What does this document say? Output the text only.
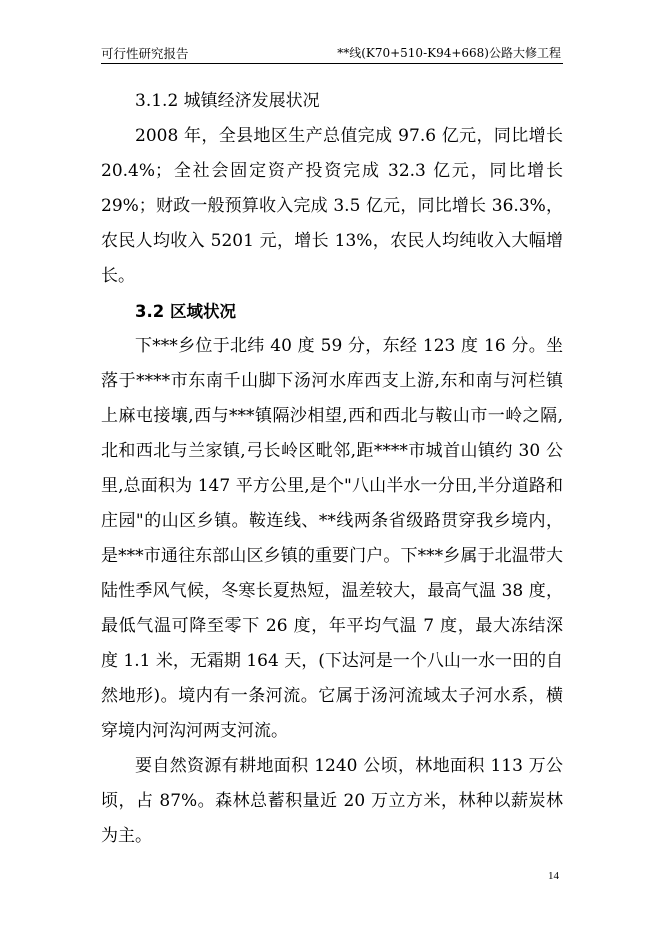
可行性研究报告	**线(K70+510-K94+668)公路大修工程
3.1.2 城镇经济发展状况

2008 年，全县地区生产总值完成 97.6 亿元，同比增长 20.4%；全社会固定资产投资完成 32.3 亿元，同比增长 29%；财政一般预算收入完成 3.5 亿元，同比增长 36.3%，农民人均收入 5201 元，增长 13%，农民人均纯收入大幅增长。

3.2 区域状况

下***乡位于北纬 40 度 59 分，东经 123 度 16 分。坐落于****市东南千山脚下汤河水库西支上游,东和南与河栏镇上麻屯接壤,西与***镇隔沙相望,西和西北与鞍山市一岭之隔,北和西北与兰家镇,弓长岭区毗邻,距****市城首山镇约 30 公里,总面积为 147 平方公里,是个"八山半水一分田,半分道路和庄园"的山区乡镇。鞍连线、**线两条省级路贯穿我乡境内，是***市通往东部山区乡镇的重要门户。下***乡属于北温带大陆性季风气候，冬寒长夏热短，温差较大，最高气温 38 度，最低气温可降至零下 26 度，年平均气温 7 度，最大冻结深度 1.1 米，无霜期 164 天，(下达河是一个八山一水一田的自然地形)。境内有一条河流。它属于汤河流域太子河水系，横穿境内河沟河两支河流。

要自然资源有耕地面积 1240 公顷，林地面积 113 万公顷，占 87%。森林总蓄积量近 20 万立方米，林种以薪炭林为主。

14
